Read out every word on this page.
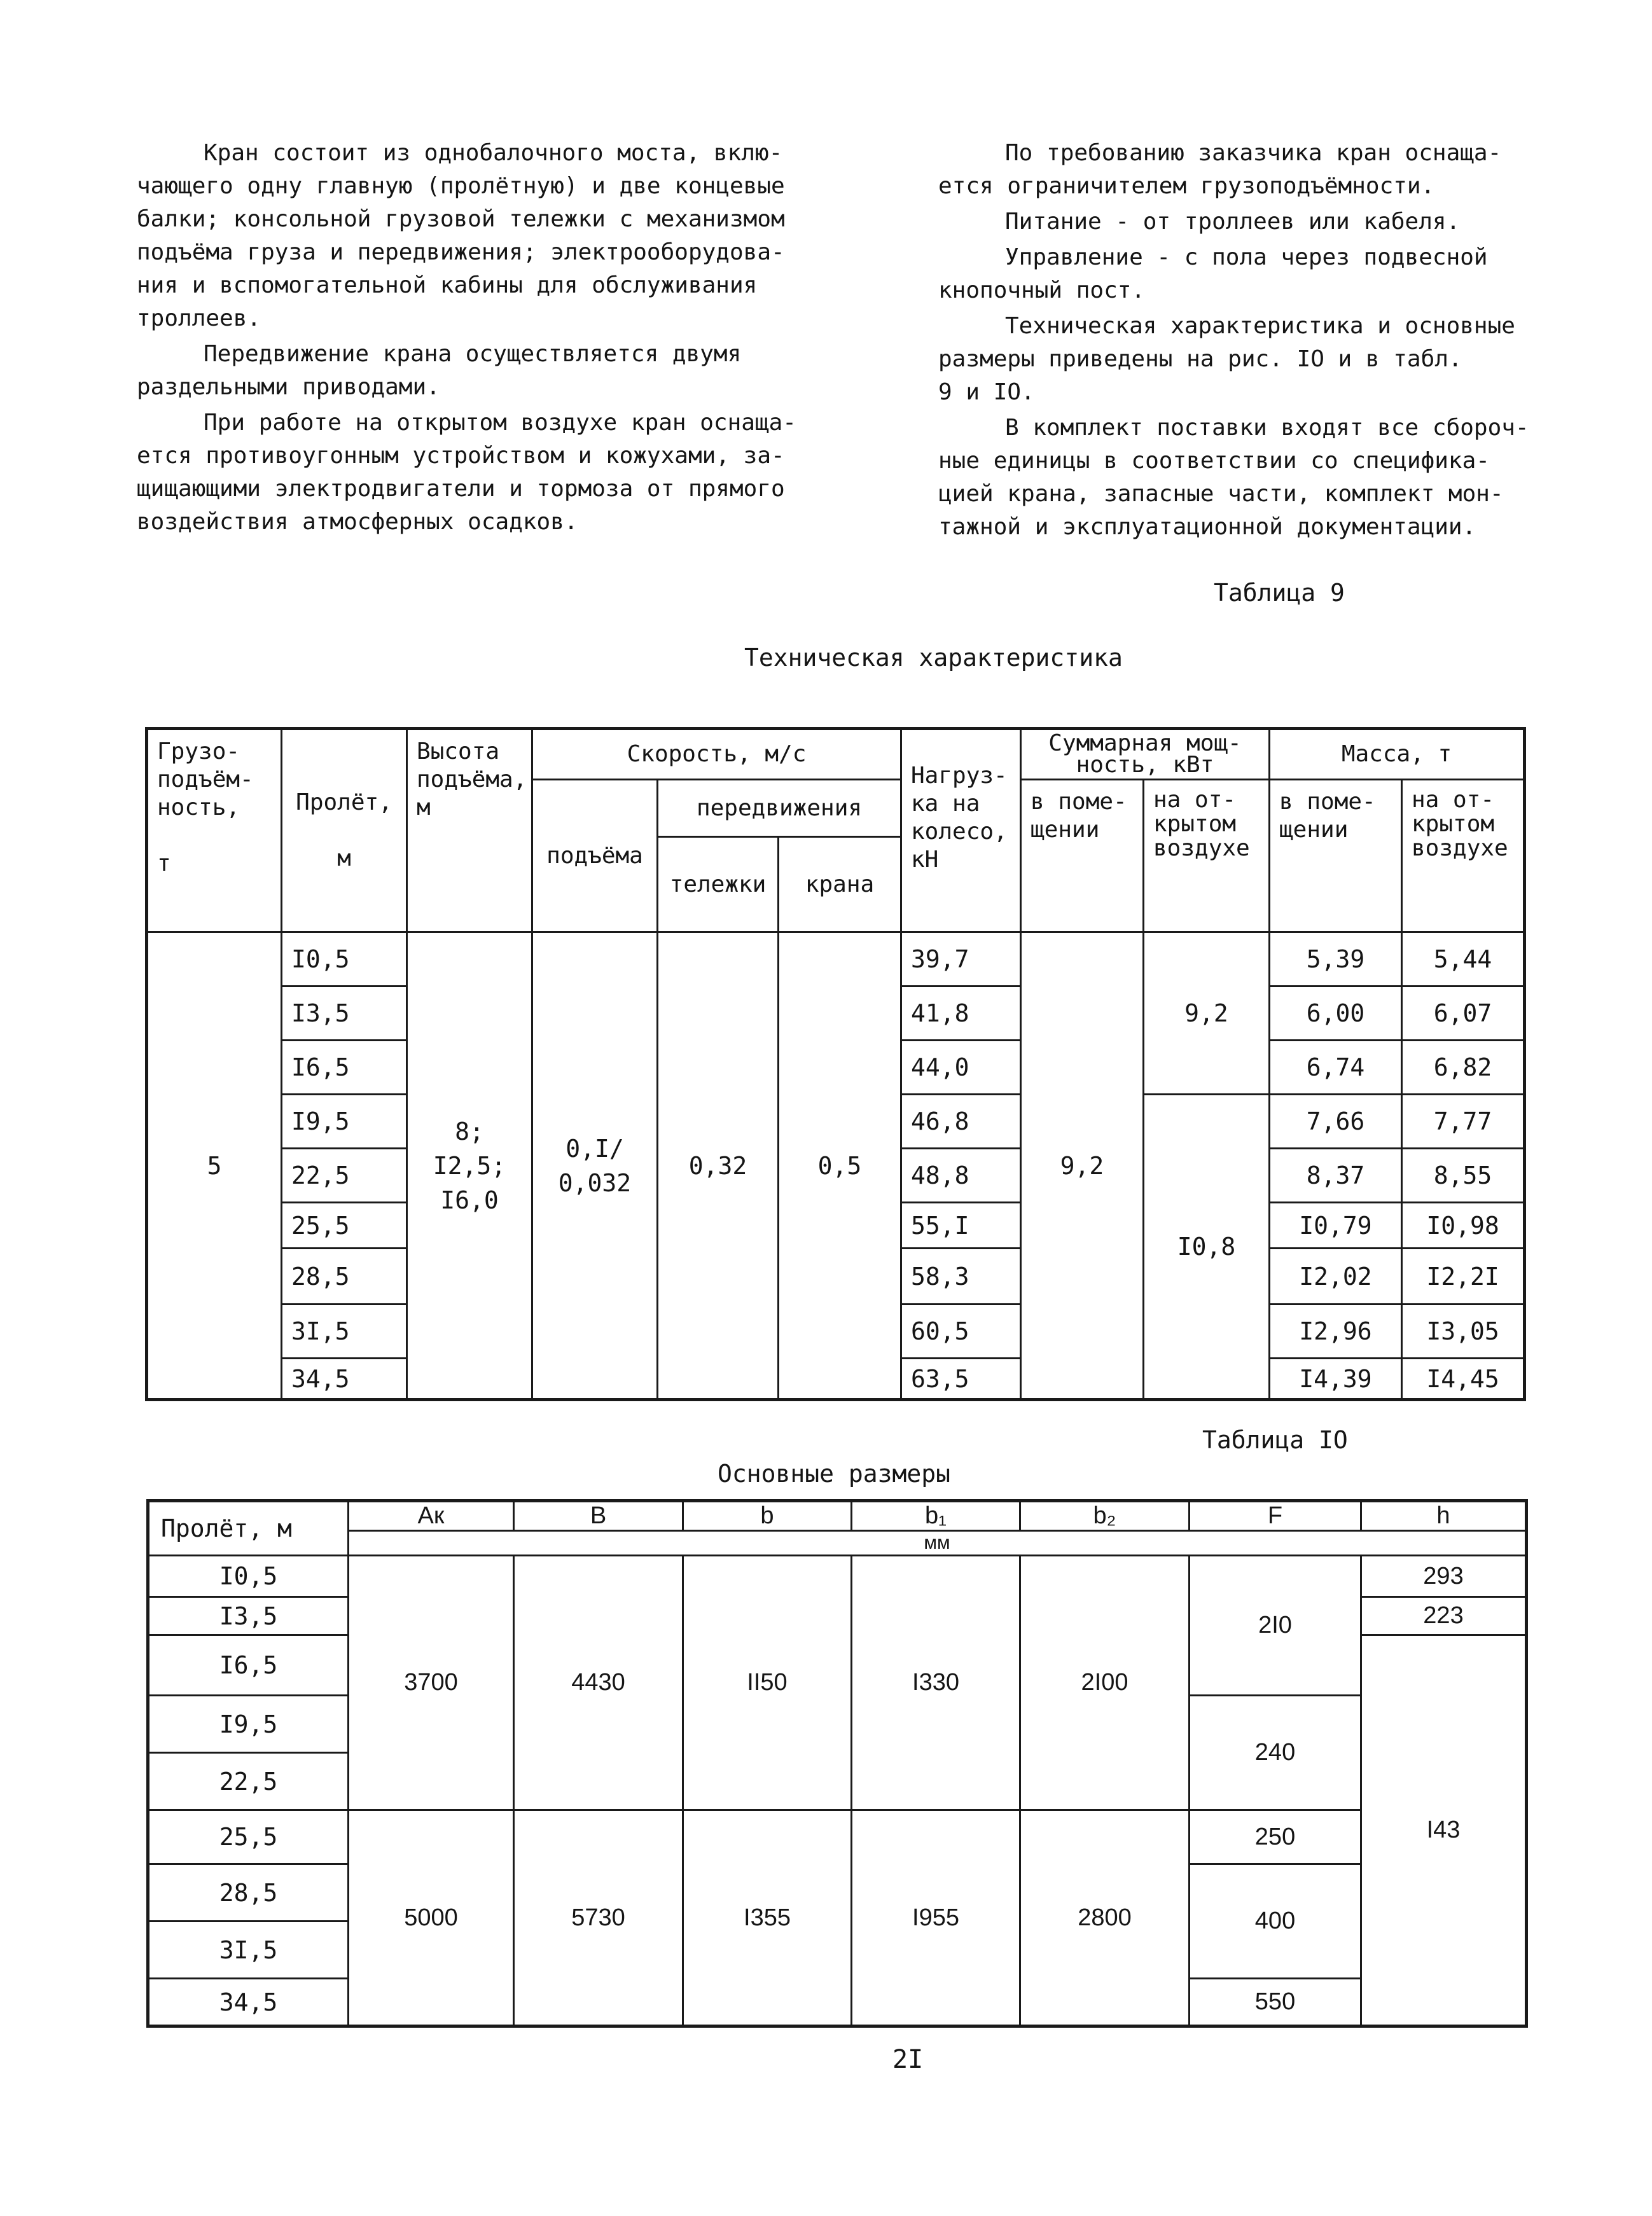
Кран состоит из однобалочного моста, вклю-
чающего одну главную (пролётную) и две концевые
балки; консольной грузовой тележки с механизмом
подъёма груза и передвижения; электрооборудова-
ния и вспомогательной кабины для обслуживания
троллеев.

Передвижение крана осуществляется двумя
раздельными приводами.

При работе на открытом воздухе кран оснаща-
ется противоугонным устройством и кожухами, за-
щищающими электродвигатели и тормоза от прямого
воздействия атмосферных осадков.

По требованию заказчика кран оснаща-
ется ограничителем грузоподъёмности.

Питание - от троллеев или кабеля.

Управление - с пола через подвесной
кнопочный пост.

Техническая характеристика и основные
размеры приведены на рис. IO и в табл.
9 и IO.

В комплект поставки входят все сбороч-
ные единицы в соответствии со специфика-
цией крана, запасные части, комплект мон-
тажной и эксплуатационной документации.

Таблица 9
Техническая характеристика
Грузо-
подъём-
ность,

т	Пролёт,

м	Высота
подъёма,
м	Скорость, м/с			Нагруз-
ка на
колесо,
кН	Суммарная мощ-
ность, кВт		Масса, т	
			подъёма	передвижения			в поме-
щении	на от-
крытом
воздухе	в поме-
щении	на от-
крытом
воздухе
				тележки	крана					
5	I0,5	8;
I2,5;
I6,0	0,I/
0,032	0,32	0,5	39,7	9,2	9,2	5,39	5,44
	I3,5					41,8			6,00	6,07
	I6,5					44,0			6,74	6,82
	I9,5					46,8		I0,8	7,66	7,77
	22,5					48,8			8,37	8,55
	25,5					55,I			I0,79	I0,98
	28,5					58,3			I2,02	I2,2I
	3I,5					60,5			I2,96	I3,05
	34,5					63,5			I4,39	I4,45
Таблица IO
Основные размеры
Пролёт, м	Ак	В	b	b₁	b₂	F	h
	мм						
I0,5	3700	4430	II50	I330	2I00	2I0	293
I3,5							223
I6,5							I43
I9,5						240	
22,5							
25,5	5000	5730	I355	I955	2800	250	
28,5						400	
3I,5							
34,5						550	
2I
